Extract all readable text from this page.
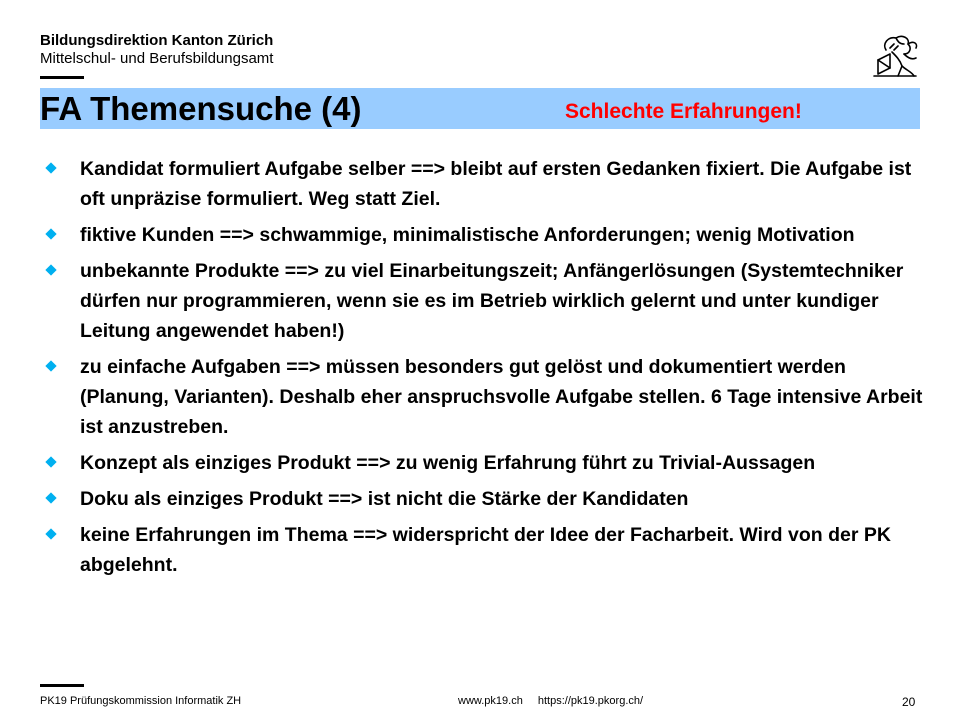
Bildungsdirektion Kanton Zürich
Mittelschul- und Berufsbildungsamt
FA Themensuche (4)	Schlechte Erfahrungen!
Kandidat formuliert Aufgabe selber ==> bleibt auf ersten Gedanken fixiert. Die Aufgabe ist oft unpräzise formuliert. Weg statt Ziel.
fiktive Kunden ==> schwammige, minimalistische Anforderungen; wenig Motivation
unbekannte Produkte ==> zu viel Einarbeitungszeit; Anfängerlösungen (Systemtechniker dürfen nur programmieren, wenn sie es im Betrieb wirklich gelernt und unter kundiger Leitung angewendet haben!)
zu einfache Aufgaben ==> müssen besonders gut gelöst und dokumentiert werden (Planung, Varianten). Deshalb eher anspruchsvolle Aufgabe stellen. 6 Tage intensive Arbeit ist anzustreben.
Konzept als einziges Produkt ==> zu wenig Erfahrung führt zu Trivial-Aussagen
Doku als einziges Produkt ==> ist nicht die Stärke der Kandidaten
keine Erfahrungen im Thema ==> widerspricht der Idee der Facharbeit. Wird von der PK abgelehnt.
PK19 Prüfungskommission Informatik ZH	www.pk19.ch https://pk19.pkorg.ch/	20
